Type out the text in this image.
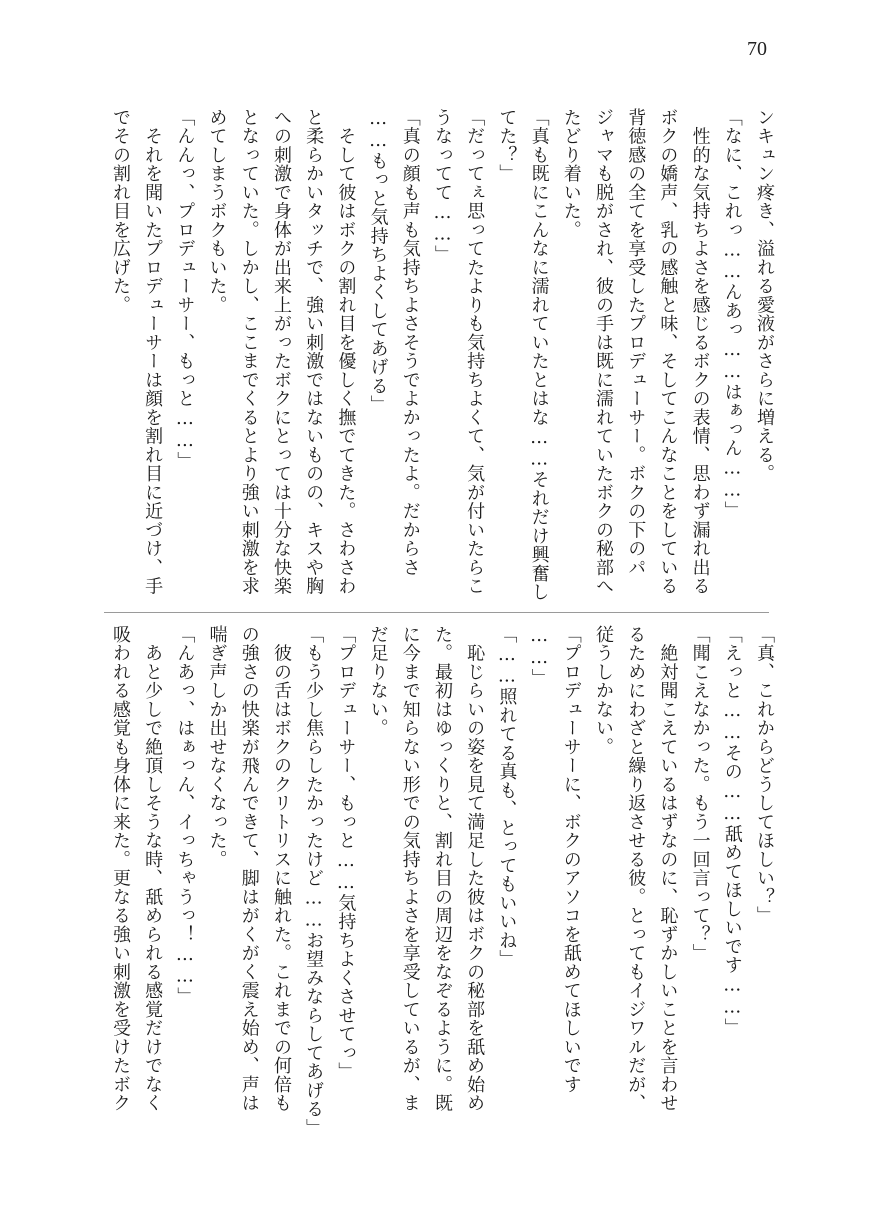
70
ンキュン疼き、溢れる愛液がさらに増える。
「なに、これっ……んあっ……はぁっん……」
　性的な気持ちよさを感じるボクの表情、思わず漏れ出る
ボクの嬌声、乳の感触と味、そしてこんなことをしている
背徳感の全てを享受したプロデューサー。ボクの下のパ
ジャマも脱がされ、彼の手は既に濡れていたボクの秘部へ
たどり着いた。
「真も既にこんなに濡れていたとはな……それだけ興奮し
てた？」
「だってぇ思ってたよりも気持ちよくて、気が付いたらこ
うなってて……」
「真の顔も声も気持ちよさそうでよかったよ。だからさ
……もっと気持ちよくしてあげる」
　そして彼はボクの割れ目を優しく撫でてきた。さわさわ
と柔らかいタッチで、強い刺激ではないものの、キスや胸
への刺激で身体が出来上がったボクにとっては十分な快楽
となっていた。しかし、ここまでくるとより強い刺激を求
めてしまうボクもいた。
「んんっ、プロデューサー、もっと……」
　それを聞いたプロデューサーは顔を割れ目に近づけ、手
でその割れ目を広げた。
「真、これからどうしてほしい？」
「えっと……その……舐めてほしいです……」
「聞こえなかった。もう一回言って？」
　絶対聞こえているはずなのに、恥ずかしいことを言わせ
るためにわざと繰り返させる彼。とってもイジワルだが、
従うしかない。
「プロデューサーに、ボクのアソコを舐めてほしいです
……」
「……照れてる真も、とってもいいね」
　恥じらいの姿を見て満足した彼はボクの秘部を舐め始め
た。最初はゆっくりと、割れ目の周辺をなぞるように。既
に今まで知らない形での気持ちよさを享受しているが、ま
だ足りない。
「プロデューサー、もっと……気持ちよくさせてっ」
「もう少し焦らしたかったけど……お望みならしてあげる」
　彼の舌はボクのクリトリスに触れた。これまでの何倍も
の強さの快楽が飛んできて、脚はがくがく震え始め、声は
喘ぎ声しか出せなくなった。
「んあっ、はぁっん、イっちゃうっ！……」
　あと少しで絶頂しそうな時、舐められる感覚だけでなく
吸われる感覚も身体に来た。更なる強い刺激を受けたボク
